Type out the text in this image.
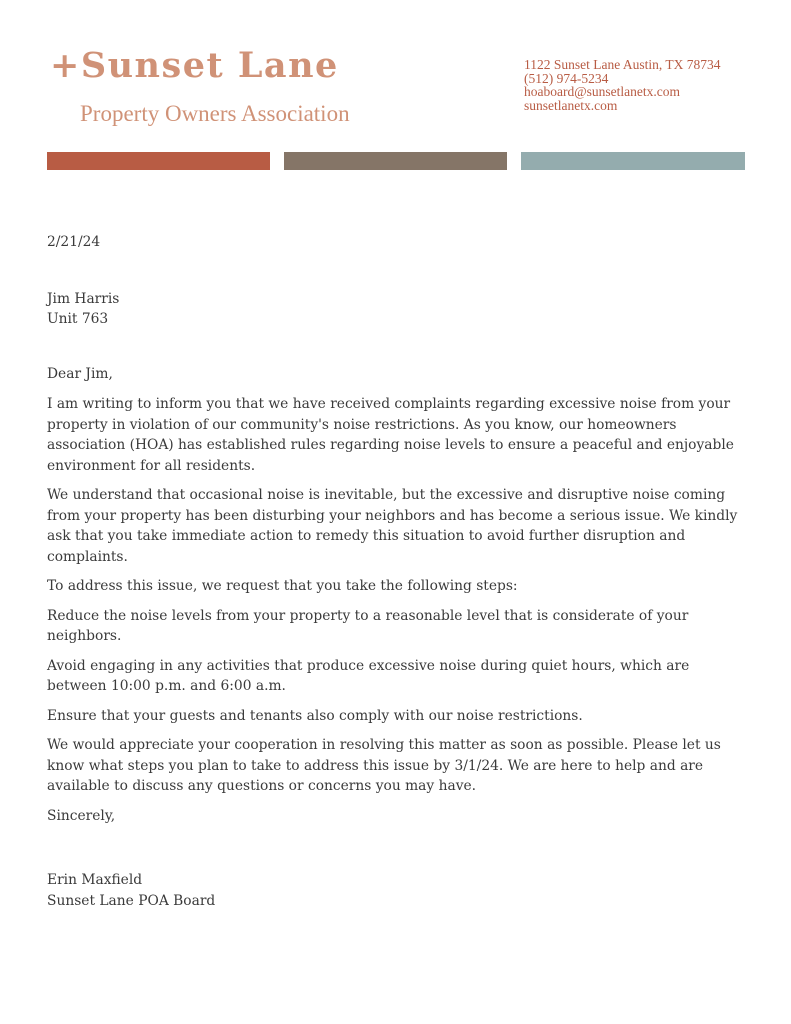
+Sunset Lane
Property Owners Association
1122 Sunset Lane Austin, TX 78734
(512) 974-5234
hoaboard@sunsetlanetx.com
sunsetlanetx.com

2/21/24

Jim Harris

Unit 763

Dear Jim,

I am writing to inform you that we have received complaints regarding excessive noise from your property in violation of our community's noise restrictions. As you know, our homeowners association (HOA) has established rules regarding noise levels to ensure a peaceful and enjoyable environment for all residents.

We understand that occasional noise is inevitable, but the excessive and disruptive noise coming from your property has been disturbing your neighbors and has become a serious issue. We kindly ask that you take immediate action to remedy this situation to avoid further disruption and complaints.

To address this issue, we request that you take the following steps:

Reduce the noise levels from your property to a reasonable level that is considerate of your neighbors.

Avoid engaging in any activities that produce excessive noise during quiet hours, which are between 10:00 p.m. and 6:00 a.m.

Ensure that your guests and tenants also comply with our noise restrictions.

We would appreciate your cooperation in resolving this matter as soon as possible. Please let us know what steps you plan to take to address this issue by 3/1/24. We are here to help and are available to discuss any questions or concerns you may have.

Sincerely,

Erin Maxfield

Sunset Lane POA Board
